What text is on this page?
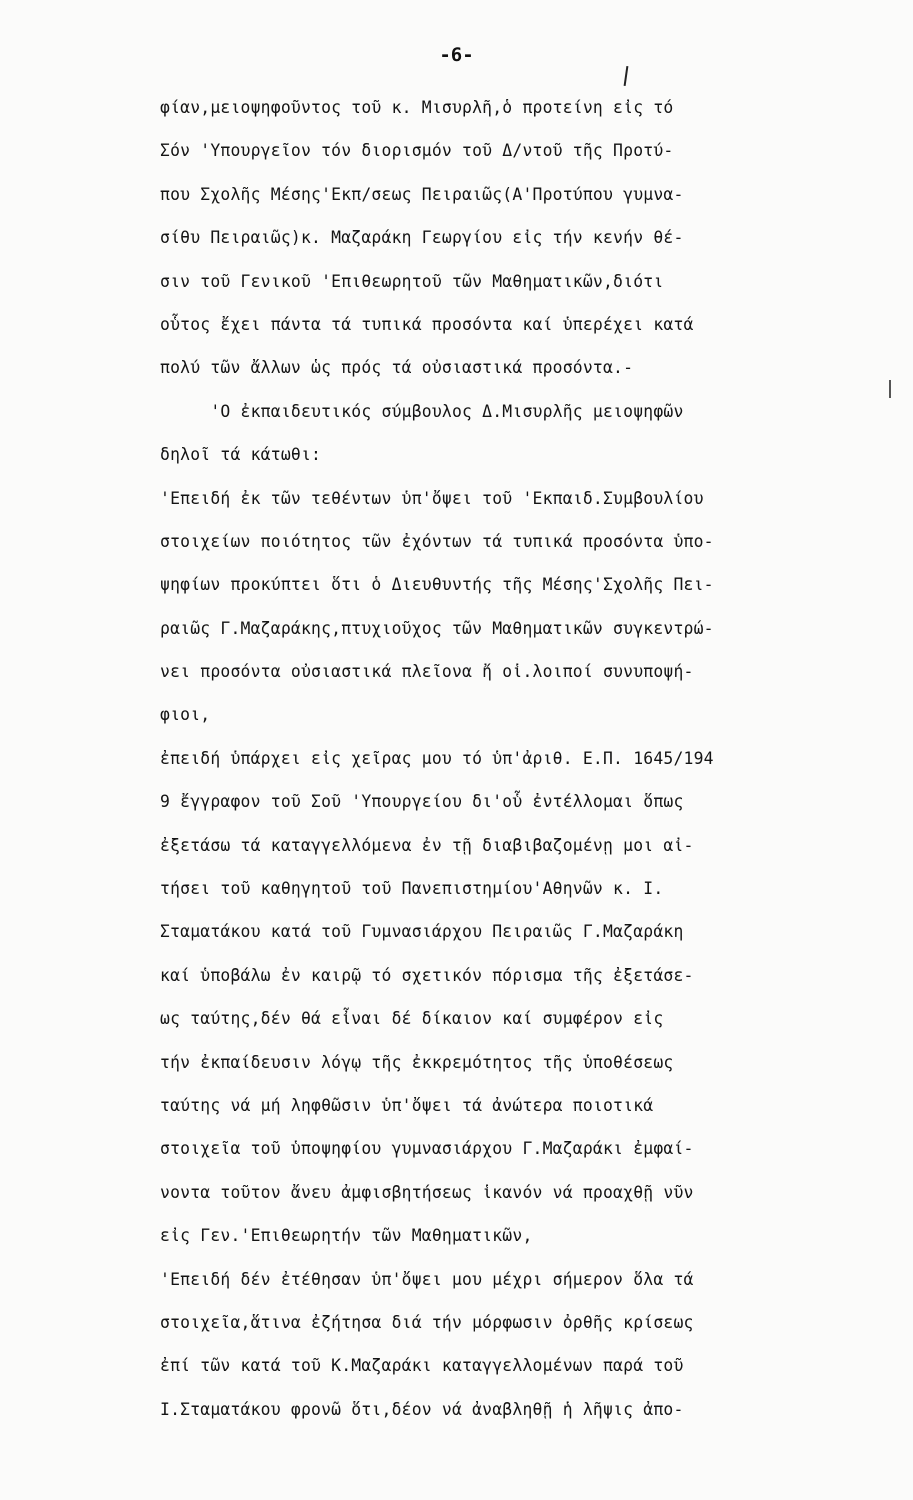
-6-
φίαν,μειοψηφοῦντος τοῦ κ. Μισυρλῆ,ὁ προτείνη εἰς τό
Σόν 'Υπουργεῖον τόν διορισμόν τοῦ Δ/ντοῦ τῆς Προτύ-
που Σχολῆς Μέσης'Εκπ/σεως Πειραιῶς(Α'Προτύπου γυμνα-
σίθυ Πειραιῶς)κ. Μαζαράκη Γεωργίου εἰς τήν κενήν θέ-
σιν τοῦ Γενικοῦ 'Επιθεωρητοῦ τῶν Μαθηματικῶν,διότι
οὗτος ἔχει πάντα τά τυπικά προσόντα καί ὑπερέχει κατά
πολύ τῶν ἄλλων ὡς πρός τά οὐσιαστικά προσόντα.-
'Ο ἐκπαιδευτικός σύμβουλος Δ.Μισυρλῆς μειοψηφῶν
δηλοῖ τά κάτωθι:
'Επειδή ἐκ τῶν τεθέντων ὑπ'ὄψει τοῦ 'Εκπαιδ.Συμβουλίου
στοιχείων ποιότητος τῶν ἐχόντων τά τυπικά προσόντα ὑπο-
ψηφίων προκύπτει ὅτι ὁ Διευθυντής τῆς Μέσης'Σχολῆς Πει-
ραιῶς Γ.Μαζαράκης,πτυχιοῦχος τῶν Μαθηματικῶν συγκεντρώ-
νει προσόντα οὐσιαστικά πλεῖονα ἤ οἱ.λοιποί συνυποψή-
φιοι,
ἐπειδή ὑπάρχει εἰς χεῖρας μου τό ὑπ'ἀριθ. Ε.Π. 1645/194
9 ἔγγραφον τοῦ Σοῦ 'Υπουργείου δι'οὗ ἐντέλλομαι ὅπως
ἐξετάσω τά καταγγελλόμενα ἐν τῇ διαβιβαζομένῃ μοι αἰ-
τήσει τοῦ καθηγητοῦ τοῦ Πανεπιστημίου'Αθηνῶν κ. Ι.
Σταματάκου κατά τοῦ Γυμνασιάρχου Πειραιῶς Γ.Μαζαράκη
καί ὑποβάλω ἐν καιρῷ τό σχετικόν πόρισμα τῆς ἐξετάσε-
ως ταύτης,δέν θά εἶναι δέ δίκαιον καί συμφέρον εἰς
τήν ἐκπαίδευσιν λόγῳ τῆς ἐκκρεμότητος τῆς ὑποθέσεως
ταύτης νά μή ληφθῶσιν ὑπ'ὄψει τά ἀνώτερα ποιοτικά
στοιχεῖα τοῦ ὑποψηφίου γυμνασιάρχου Γ.Μαζαράκι ἐμφαί-
νοντα τοῦτον ἄνευ ἀμφισβητήσεως ἱκανόν νά προαχθῇ νῦν
εἰς Γεν.'Επιθεωρητήν τῶν Μαθηματικῶν,
'Επειδή δέν ἐτέθησαν ὑπ'ὄψει μου μέχρι σήμερον ὅλα τά
στοιχεῖα,ἅτινα ἐζήτησα διά τήν μόρφωσιν ὀρθῆς κρίσεως
ἐπί τῶν κατά τοῦ Κ.Μαζαράκι καταγγελλομένων παρά τοῦ
Ι.Σταματάκου φρονῶ ὅτι,δέον νά ἀναβληθῇ ἡ λῆψις ἀπο-
